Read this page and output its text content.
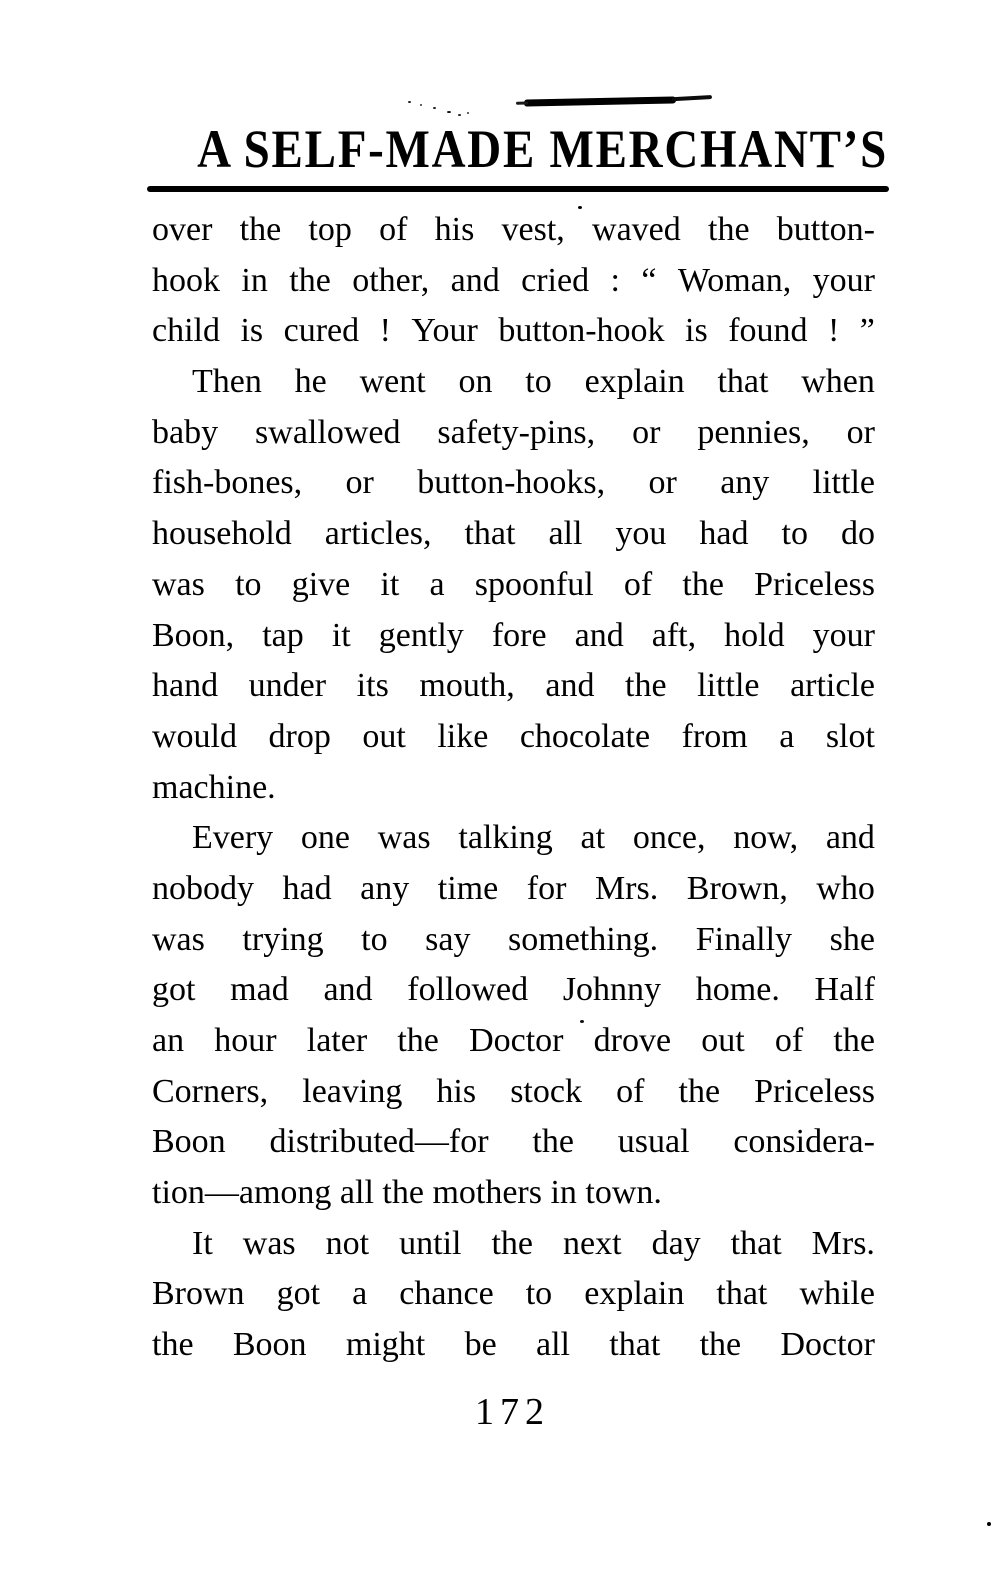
A SELF-MADE MERCHANT’S
over the top of his vest, waved the button-
hook in the other, and cried : “ Woman, your
child is cured ! Your button-hook is found ! ”
Then he went on to explain that when
baby swallowed safety-pins, or pennies, or
fish-bones, or button-hooks, or any little
household articles, that all you had to do
was to give it a spoonful of the Priceless
Boon, tap it gently fore and aft, hold your
hand under its mouth, and the little article
would drop out like chocolate from a slot
machine.
Every one was talking at once, now, and
nobody had any time for Mrs. Brown, who
was trying to say something. Finally she
got mad and followed Johnny home. Half
an hour later the Doctor drove out of the
Corners, leaving his stock of the Priceless
Boon distributed—for the usual considera-
tion—among all the mothers in town.
It was not until the next day that Mrs.
Brown got a chance to explain that while
the Boon might be all that the Doctor
172
